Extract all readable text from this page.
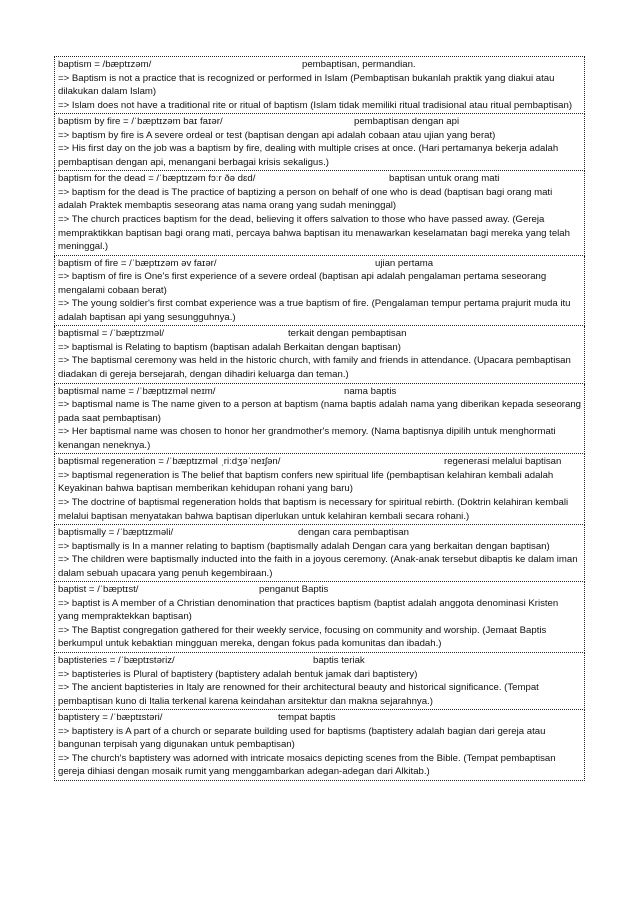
baptism = /bæptɪzəm/	pembaptisan, permandian.
=> Baptism is not a practice that is recognized or performed in Islam (Pembaptisan bukanlah praktik yang diakui atau dilakukan dalam Islam)
=> Islam does not have a traditional rite or ritual of baptism (Islam tidak memiliki ritual tradisional atau ritual pembaptisan)
baptism by fire = /ˈbæptɪzəm baɪ faɪər/	pembaptisan dengan api
=> baptism by fire is A severe ordeal or test (baptisan dengan api adalah cobaan atau ujian yang berat)
=> His first day on the job was a baptism by fire, dealing with multiple crises at once. (Hari pertamanya bekerja adalah pembaptisan dengan api, menangani berbagai krisis sekaligus.)
baptism for the dead = /ˈbæptɪzəm fɔːr ðə dɛd/	baptisan untuk orang mati
=> baptism for the dead is The practice of baptizing a person on behalf of one who is dead (baptisan bagi orang mati adalah Praktek membaptis seseorang atas nama orang yang sudah meninggal)
=> The church practices baptism for the dead, believing it offers salvation to those who have passed away. (Gereja mempraktikkan baptisan bagi orang mati, percaya bahwa baptisan itu menawarkan keselamatan bagi mereka yang telah meninggal.)
baptism of fire = /ˈbæptɪzəm əv faɪər/	ujian pertama
=> baptism of fire is One's first experience of a severe ordeal (baptisan api adalah pengalaman pertama seseorang mengalami cobaan berat)
=> The young soldier's first combat experience was a true baptism of fire. (Pengalaman tempur pertama prajurit muda itu adalah baptisan api yang sesungguhnya.)
baptismal = /ˈbæptɪzməl/	terkait dengan pembaptisan
=> baptismal is Relating to baptism (baptisan adalah Berkaitan dengan baptisan)
=> The baptismal ceremony was held in the historic church, with family and friends in attendance. (Upacara pembaptisan diadakan di gereja bersejarah, dengan dihadiri keluarga dan teman.)
baptismal name = /ˈbæptɪzməl neɪm/	nama baptis
=> baptismal name is The name given to a person at baptism (nama baptis adalah nama yang diberikan kepada seseorang pada saat pembaptisan)
=> Her baptismal name was chosen to honor her grandmother's memory. (Nama baptisnya dipilih untuk menghormati kenangan neneknya.)
baptismal regeneration = /ˈbæptɪzməl ˌriːdʒəˈneɪʃən/	regenerasi melalui baptisan
=> baptismal regeneration is The belief that baptism confers new spiritual life (pembaptisan kelahiran kembali adalah Keyakinan bahwa baptisan memberikan kehidupan rohani yang baru)
=> The doctrine of baptismal regeneration holds that baptism is necessary for spiritual rebirth. (Doktrin kelahiran kembali melalui baptisan menyatakan bahwa baptisan diperlukan untuk kelahiran kembali secara rohani.)
baptismally = /ˈbæptɪzməli/	dengan cara pembaptisan
=> baptismally is In a manner relating to baptism (baptismally adalah Dengan cara yang berkaitan dengan baptisan)
=> The children were baptismally inducted into the faith in a joyous ceremony. (Anak-anak tersebut dibaptis ke dalam iman dalam sebuah upacara yang penuh kegembiraan.)
baptist = /ˈbæptɪst/	penganut Baptis
=> baptist is A member of a Christian denomination that practices baptism (baptist adalah anggota denominasi Kristen yang mempraktekkan baptisan)
=> The Baptist congregation gathered for their weekly service, focusing on community and worship. (Jemaat Baptis berkumpul untuk kebaktian mingguan mereka, dengan fokus pada komunitas dan ibadah.)
baptisteries = /ˈbæptɪstəriz/	baptis teriak
=> baptisteries is Plural of baptistery (baptistery adalah bentuk jamak dari baptistery)
=> The ancient baptisteries in Italy are renowned for their architectural beauty and historical significance. (Tempat pembaptisan kuno di Italia terkenal karena keindahan arsitektur dan makna sejarahnya.)
baptistery = /ˈbæptɪstəri/	tempat baptis
=> baptistery is A part of a church or separate building used for baptisms (baptistery adalah bagian dari gereja atau bangunan terpisah yang digunakan untuk pembaptisan)
=> The church's baptistery was adorned with intricate mosaics depicting scenes from the Bible. (Tempat pembaptisan gereja dihiasi dengan mosaik rumit yang menggambarkan adegan-adegan dari Alkitab.)
